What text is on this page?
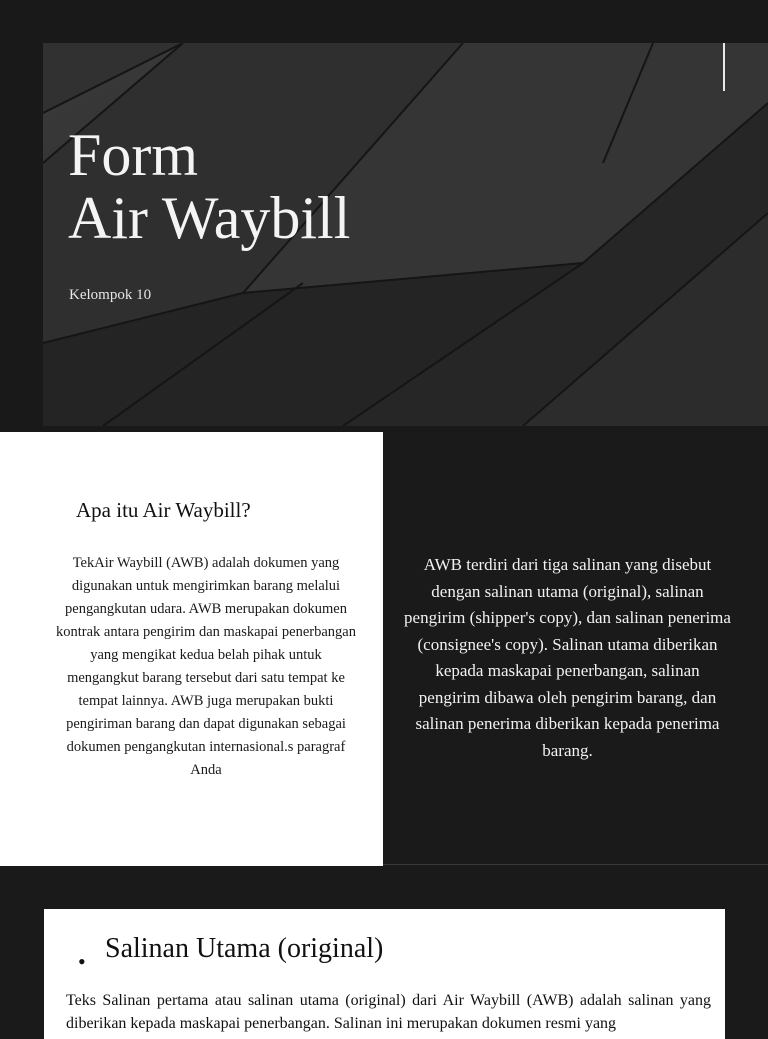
Form
Air Waybill

Kelompok 10

Apa itu Air Waybill?

TekAir Waybill (AWB) adalah dokumen yang digunakan untuk mengirimkan barang melalui pengangkutan udara. AWB merupakan dokumen kontrak antara pengirim dan maskapai penerbangan yang mengikat kedua belah pihak untuk mengangkut barang tersebut dari satu tempat ke tempat lainnya. AWB juga merupakan bukti pengiriman barang dan dapat digunakan sebagai dokumen pengangkutan internasional.s paragraf Anda

AWB terdiri dari tiga salinan yang disebut dengan salinan utama (original), salinan pengirim (shipper's copy), dan salinan penerima (consignee's copy). Salinan utama diberikan kepada maskapai penerbangan, salinan pengirim dibawa oleh pengirim barang, dan salinan penerima diberikan kepada penerima barang.

• Salinan Utama (original)

Teks Salinan pertama atau salinan utama (original) dari Air Waybill (AWB) adalah salinan yang diberikan kepada maskapai penerbangan. Salinan ini merupakan dokumen resmi yang
